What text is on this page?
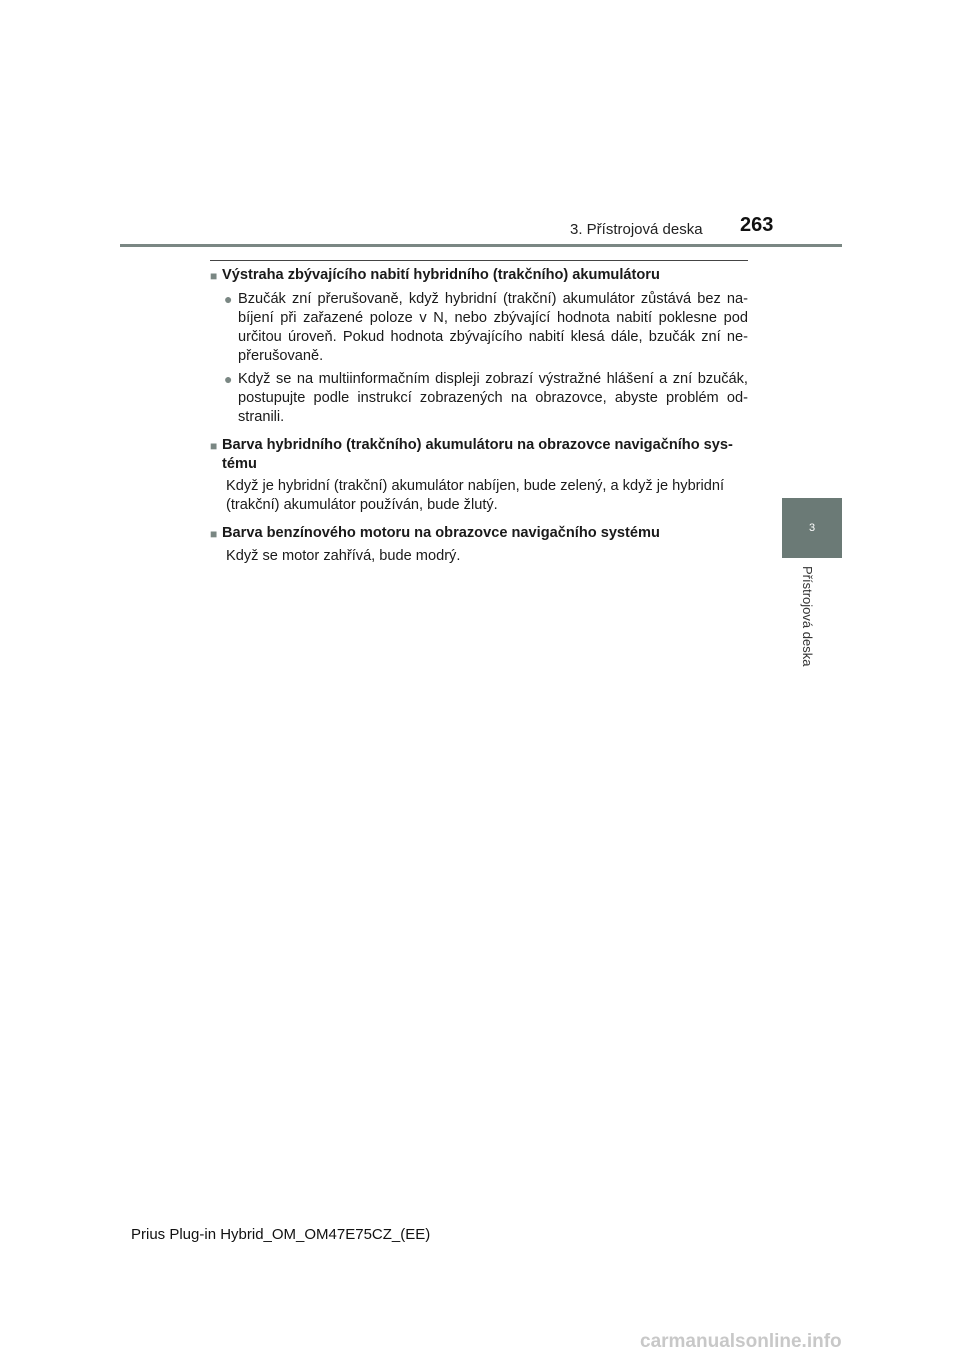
3. Přístrojová deska 263
3
Přístrojová deska
■ Výstraha zbývajícího nabití hybridního (trakčního) akumulátoru
● Bzučák zní přerušovaně, když hybridní (trakční) akumulátor zůstává bez na-bíjení při zařazené poloze v N, nebo zbývající hodnota nabití poklesne pod určitou úroveň. Pokud hodnota zbývajícího nabití klesá dále, bzučák zní ne-přerušovaně.
● Když se na multiinformačním displeji zobrazí výstražné hlášení a zní bzučák, postupujte podle instrukcí zobrazených na obrazovce, abyste problém od-stranili.
■ Barva hybridního (trakčního) akumulátoru na obrazovce navigačního sys-tému
Když je hybridní (trakční) akumulátor nabíjen, bude zelený, a když je hybridní (trakční) akumulátor používán, bude žlutý.
■ Barva benzínového motoru na obrazovce navigačního systému
Když se motor zahřívá, bude modrý.
Prius Plug-in Hybrid_OM_OM47E75CZ_(EE)
carmanualsonline.info
